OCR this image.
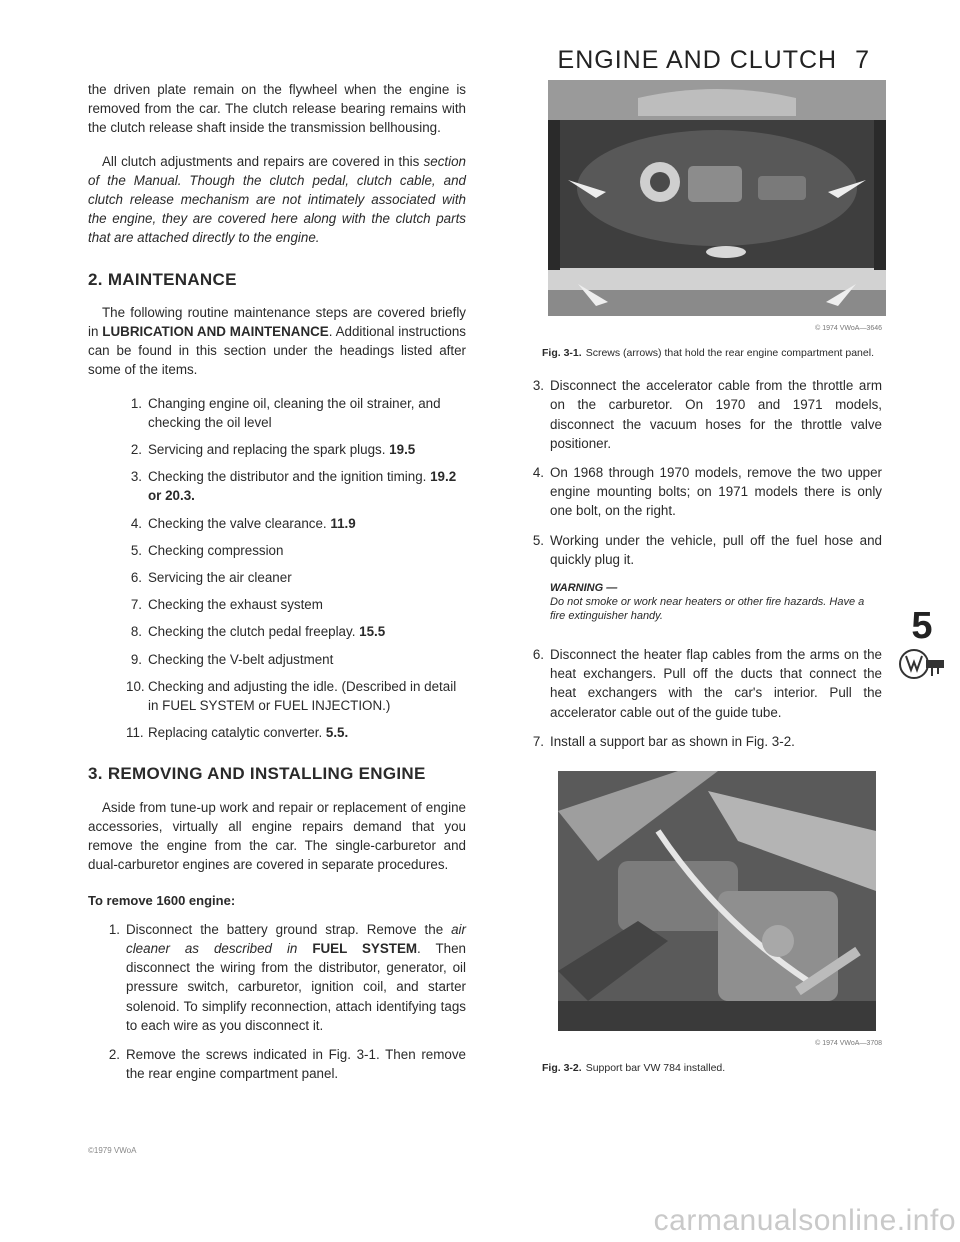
ENGINE AND CLUTCH 7

the driven plate remain on the flywheel when the engine is removed from the car. The clutch release bearing remains with the clutch release shaft inside the transmission bellhousing.

All clutch adjustments and repairs are covered in this section of the Manual. Though the clutch pedal, clutch cable, and clutch release mechanism are not intimately associated with the engine, they are covered here along with the clutch parts that are attached directly to the engine.

2. MAINTENANCE

The following routine maintenance steps are covered briefly in LUBRICATION AND MAINTENANCE. Additional instructions can be found in this section under the headings listed after some of the items.

1. Changing engine oil, cleaning the oil strainer, and checking the oil level
2. Servicing and replacing the spark plugs. 19.5
3. Checking the distributor and the ignition timing. 19.2 or 20.3.
4. Checking the valve clearance. 11.9
5. Checking compression
6. Servicing the air cleaner
7. Checking the exhaust system
8. Checking the clutch pedal freeplay. 15.5
9. Checking the V-belt adjustment
10. Checking and adjusting the idle. (Described in detail in FUEL SYSTEM or FUEL INJECTION.)
11. Replacing catalytic converter. 5.5.
3. REMOVING AND INSTALLING ENGINE

Aside from tune-up work and repair or replacement of engine accessories, virtually all engine repairs demand that you remove the engine from the car. The single-carburetor and dual-carburetor engines are covered in separate procedures.

To remove 1600 engine:
1. Disconnect the battery ground strap. Remove the air cleaner as described in FUEL SYSTEM. Then disconnect the wiring from the distributor, generator, oil pressure switch, carburetor, ignition coil, and starter solenoid. To simplify reconnection, attach identifying tags to each wire as you disconnect it.
2. Remove the screws indicated in Fig. 3-1. Then remove the rear engine compartment panel.
©1979 VWoA
© 1974 VWoA—3646
Fig. 3-1. Screws (arrows) that hold the rear engine compartment panel.
3. Disconnect the accelerator cable from the throttle arm on the carburetor. On 1970 and 1971 models, disconnect the vacuum hoses for the throttle valve positioner.
4. On 1968 through 1970 models, remove the two upper engine mounting bolts; on 1971 models there is only one bolt, on the right.
5. Working under the vehicle, pull off the fuel hose and quickly plug it.
WARNING —
Do not smoke or work near heaters or other fire hazards. Have a fire extinguisher handy.
6. Disconnect the heater flap cables from the arms on the heat exchangers. Pull off the ducts that connect the heat exchangers with the car's interior. Pull the accelerator cable out of the guide tube.
7. Install a support bar as shown in Fig. 3-2.
© 1974 VWoA—3708
Fig. 3-2. Support bar VW 784 installed.
5
carmanualsonline.info
